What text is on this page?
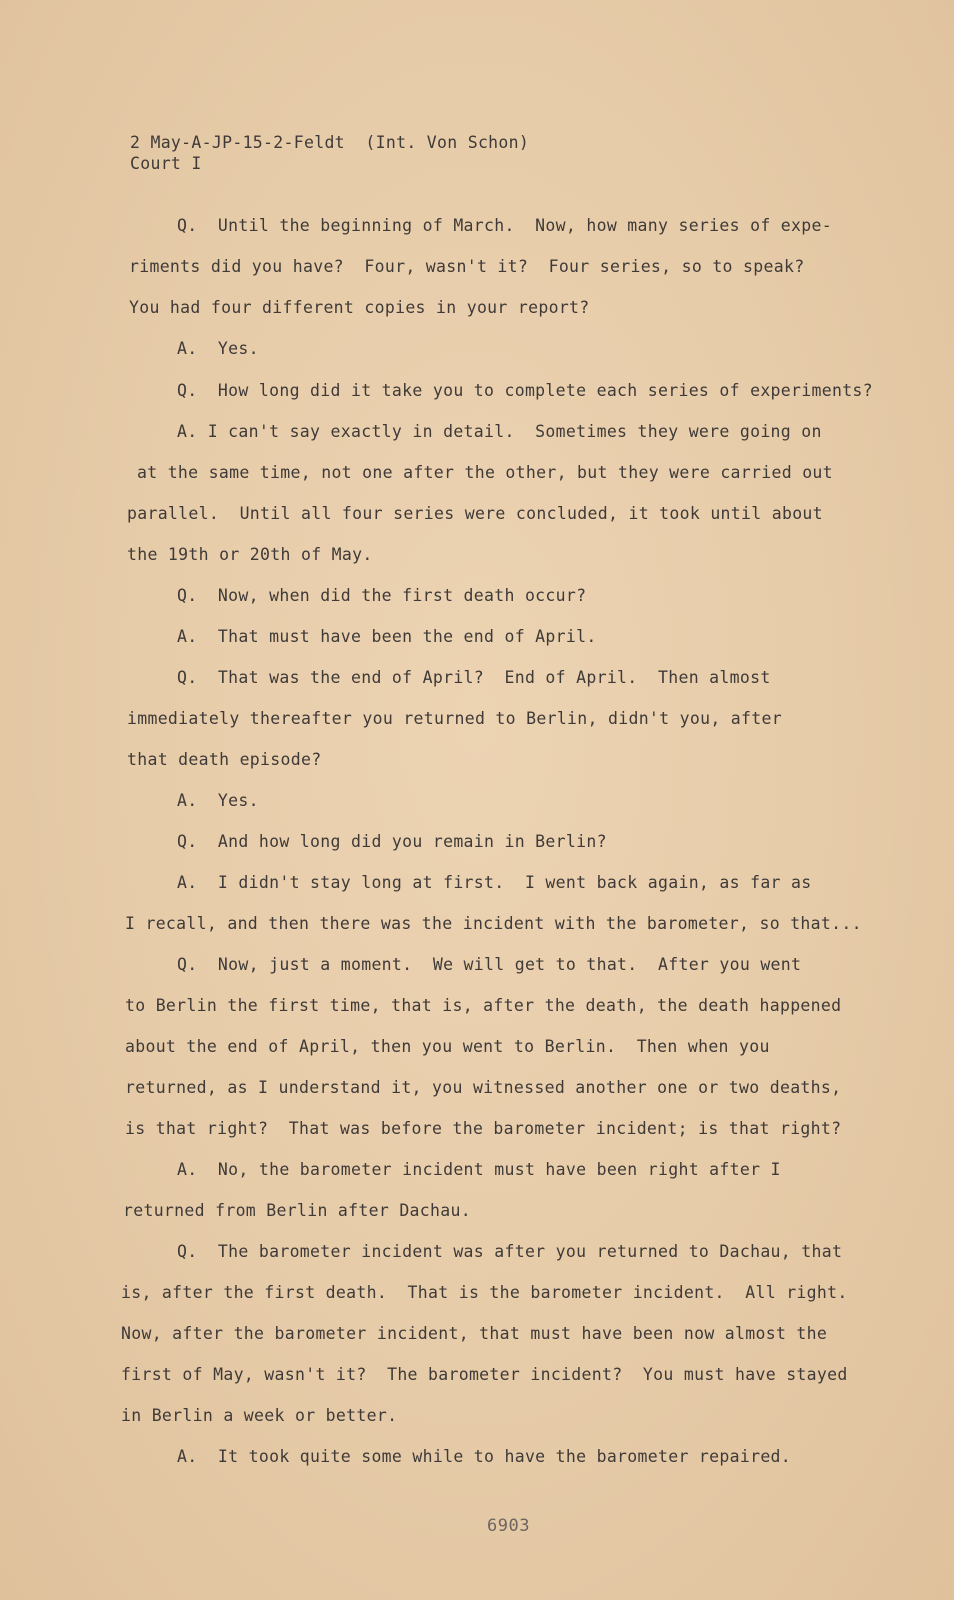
2 May-A-JP-15-2-Feldt  (Int. Von Schon)
Court I
Q.  Until the beginning of March.  Now, how many series of expe-
riments did you have?  Four, wasn't it?  Four series, so to speak?
You had four different copies in your report?
A.  Yes.
Q.  How long did it take you to complete each series of experiments?
A. I can't say exactly in detail.  Sometimes they were going on
at the same time, not one after the other, but they were carried out
parallel.  Until all four series were concluded, it took until about
the 19th or 20th of May.
Q.  Now, when did the first death occur?
A.  That must have been the end of April.
Q.  That was the end of April?  End of April.  Then almost
immediately thereafter you returned to Berlin, didn't you, after
that death episode?
A.  Yes.
Q.  And how long did you remain in Berlin?
A.  I didn't stay long at first.  I went back again, as far as
I recall, and then there was the incident with the barometer, so that...
Q.  Now, just a moment.  We will get to that.  After you went
to Berlin the first time, that is, after the death, the death happened
about the end of April, then you went to Berlin.  Then when you
returned, as I understand it, you witnessed another one or two deaths,
is that right?  That was before the barometer incident; is that right?
A.  No, the barometer incident must have been right after I
returned from Berlin after Dachau.
Q.  The barometer incident was after you returned to Dachau, that
is, after the first death.  That is the barometer incident.  All right.
Now, after the barometer incident, that must have been now almost the
first of May, wasn't it?  The barometer incident?  You must have stayed
in Berlin a week or better.
A.  It took quite some while to have the barometer repaired.
6903
